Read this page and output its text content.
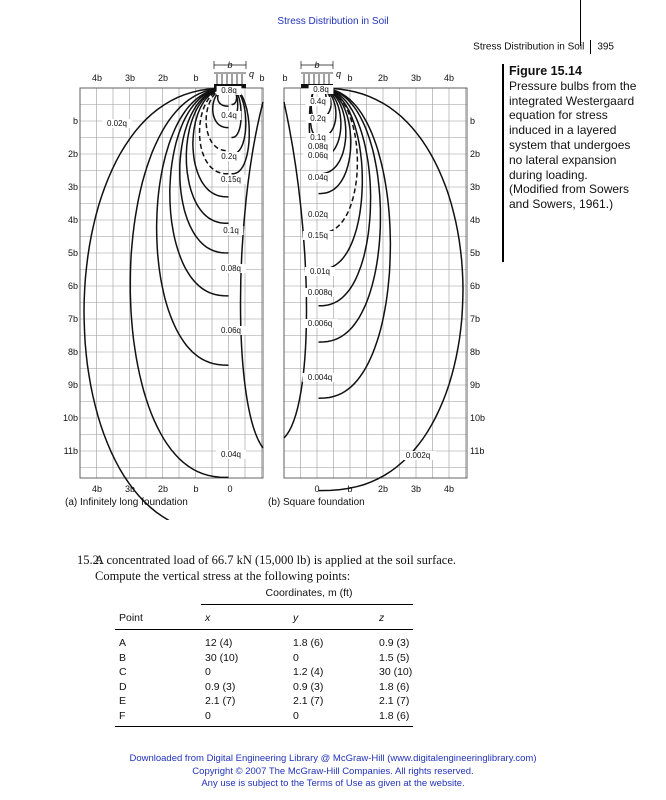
Stress Distribution in Soil
Stress Distribution in Soil 395
b
q
b
q
0.8q
0.4q
0.2q
0.15q
0.1q
0.08q
0.06q
0.04q
0.02q
0.8q
0.4q
0.2q
0.1q
0.08q
0.06q
0.04q
0.02q
0.15q
0.01q
0.008q
0.006q
0.004q
0.002q
4b	3b	2b	b	b b	b	2b	3b	4b
4b	3b	2b	b	0	0	b	2b	3b	4b
b	b
2b	2b
3b	3b
4b	4b
5b	5b
6b	6b
7b	7b
8b	8b
9b	9b
10b	10b
11b	11b
Figure 15.14
Pressure bulbs from the integrated Westergaard equation for stress induced in a layered system that undergoes no lateral expansion during loading. (Modified from Sowers and Sowers, 1961.)
(a) Infinitely long foundation	(b) Square foundation
15.2.A concentrated load of 66.7 kN (15,000 lb) is applied at the soil surface.
Compute the vertical stress at the following points:
	Coordinates, m (ft)		
Point	x	y	z
A	12 (4)	1.8 (6)	0.9 (3)
B	30 (10)	0	1.5 (5)
C	0	1.2 (4)	30 (10)
D	0.9 (3)	0.9 (3)	1.8 (6)
E	2.1 (7)	2.1 (7)	2.1 (7)
F	0	0	1.8 (6)
Downloaded from Digital Engineering Library @ McGraw-Hill (www.digitalengineeringlibrary.com)
Copyright © 2007 The McGraw-Hill Companies. All rights reserved.
Any use is subject to the Terms of Use as given at the website.
